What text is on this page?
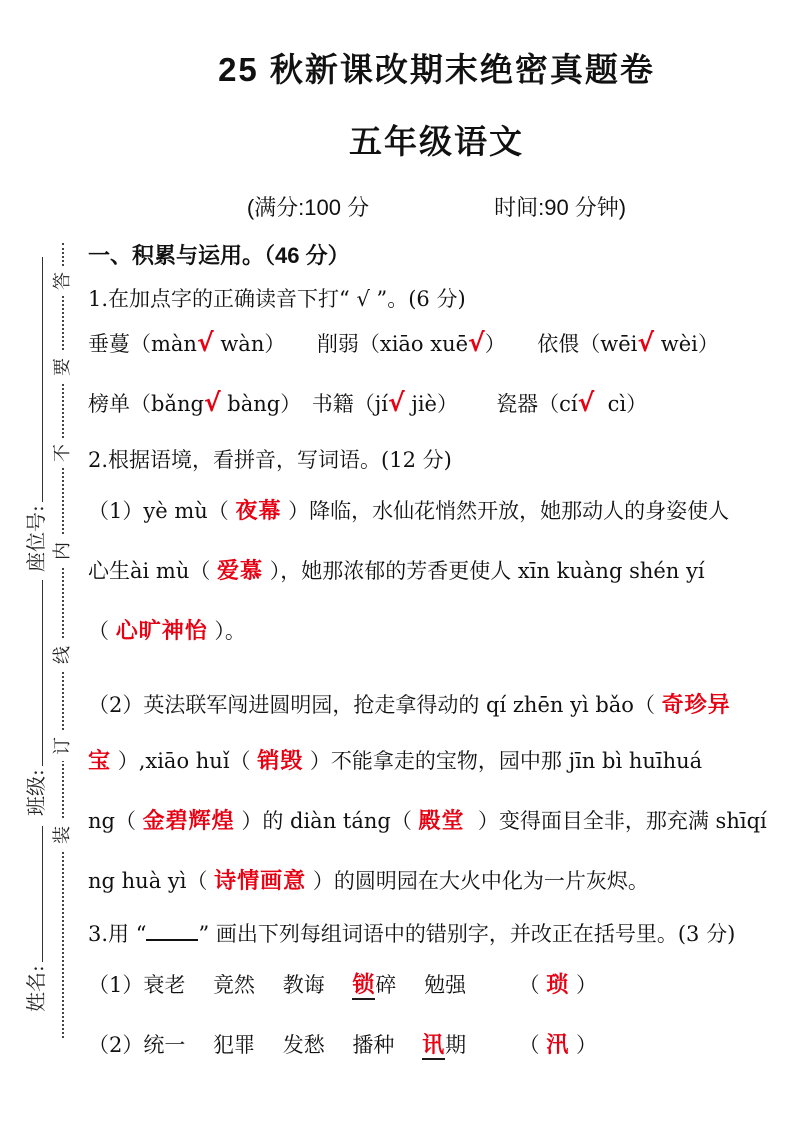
答
要
不
内
线
订
装
座位号:
班级:
姓名:
25 秋新课改期末绝密真题卷
五年级语文
(满分:100 分	时间:90 分钟)
一、积累与运用。（46 分）
1.在加点字的正确读音下打“ √ ”。(6 分)
垂蔓（màn√ wàn）　　削弱（xiāo xuē√）　　依偎（wēi√ wèi）
榜单（bǎng√ bàng）　书籍（jí√ jiè）　　 瓷器（cí√  cì）
2.根据语境，看拼音，写词语。(12 分)
（1）yè mù（ 夜幕 ）降临，水仙花悄然开放，她那动人的身姿使人
心生ài mù（ 爱慕 ），她那浓郁的芳香更使人 xīn kuàng shén yí
（ 心旷神怡 ）。
（2）英法联军闯进圆明园，抢走拿得动的 qí zhēn yì bǎo（ 奇珍异
宝 ）,xiāo huǐ（ 销毁 ）不能拿走的宝物，园中那 jīn bì huīhuá
ng（ 金碧辉煌 ）的 diàn táng（ 殿堂  ）变得面目全非，那充满 shīqí
ng huà yì（ 诗情画意 ）的圆明园在大火中化为一片灰烬。
3.用 “ ” 画出下列每组词语中的错别字，并改正在括号里。(3 分)
（1）衰老　 竟然　 教诲　 锁碎　 勉强　　　（ 琐 ）
（2）统一　 犯罪　 发愁　 播种　 讯期　　　（ 汛 ）
